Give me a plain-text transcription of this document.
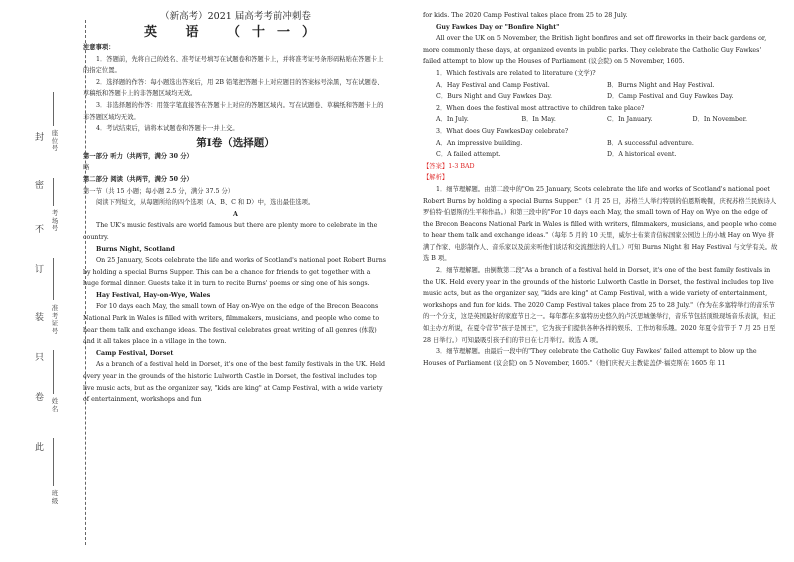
封
密
不
订
装
只
卷
此
座位号
考场号
准考证号
姓名
班级
（新高考）2021 届高考考前冲刺卷
英 语 （十一）

注意事项：

1．答题前，先将自己的姓名、准考证号填写在试题卷和答题卡上，并将准考证号条形码粘贴在答题卡上的指定位置。

2．选择题的作答：每小题选出答案后，用 2B 铅笔把答题卡上对应题目的答案标号涂黑，写在试题卷、草稿纸和答题卡上的非答题区域均无效。

3．非选择题的作答：用签字笔直接答在答题卡上对应的答题区域内。写在试题卷、草稿纸和答题卡上的非答题区域均无效。

4．考试结束后，请将本试题卷和答题卡一并上交。

第Ⅰ卷（选择题）

第一部分 听力（共两节，满分 30 分）

略

第二部分 阅读（共两节，满分 50 分）

第一节（共 15 小题；每小题 2.5 分，满分 37.5 分）

阅读下列短文，从每题所给的四个选项（A、B、C 和 D）中，选出最佳选项。

A

The UK's music festivals are world famous but there are plenty more to celebrate in the country.

Burns Night, Scotland

On 25 January, Scots celebrate the life and works of Scotland's national poet Robert Burns by holding a special Burns Supper. This can be a chance for friends to get together with a huge formal dinner. Guests take it in turn to recite Burns' poems or sing one of his songs.

Hay Festival, Hay-on-Wye, Wales

For 10 days each May, the small town of Hay on-Wye on the edge of the Brecon Beacons National Park in Wales is filled with writers, filmmakers, musicians, and people who come to hear them talk and exchange ideas. The festival celebrates great writing of all genres (体裁) and it all takes place in a village in the town.

Camp Festival, Dorset

As a branch of a festival held in Dorset, it's one of the best family festivals in the UK. Held every year in the grounds of the historic Lulworth Castle in Dorset, the festival includes top live music acts, but as the organizer say, "kids are king" at Camp Festival, with a wide variety of entertainment, workshops and fun

for kids. The 2020 Camp Festival takes place from 25 to 28 July.

Guy Fawkes Day or "Bonfire Night"

All over the UK on 5 November, the British light bonfires and set off fireworks in their back gardens or, more commonly these days, at organized events in public parks. They celebrate the Catholic Guy Fawkes' failed attempt to blow up the Houses of Parliament (议会院) on 5 November, 1605.

1．Which festivals are related to literature (文学)?

A．Hay Festival and Camp Festival.	B．Burns Night and Hay Festival.
C．Burs Night and Guy Fawkes Day.	D．Camp Festival and Guy Fawkes Day.

2．When does the festival most attractive to children take place?

A．In July.	B．In May.	C．In January.	D．In November.

3．What does Guy FawkesDay celebrate?

A．An impressive building.	B．A successful adventure.
C．A failed attempt.	D．A historical event.

【答案】1-3 BAD

【解析】

1．细节理解题。由第二段中的"On 25 January, Scots celebrate the life and works of Scotland's national poet Robert Burns by holding a special Burns Supper."（1 月 25 日，苏格兰人举行特别的伯恩斯晚餐，庆祝苏格兰民族诗人罗伯特·伯恩斯的生平和作品。）和第三段中的"For 10 days each May, the small town of Hay on Wye on the edge of the Brecon Beacons National Park in Wales is filled with writers, filmmakers, musicians, and people who come to hear them talk and exchange ideas."（每年 5 月的 10 天里，威尔士布莱肯信标国家公园边上的小城 Hay on Wye 挤满了作家、电影制作人、音乐家以及前来听他们谈话和交流想法的人们。）可知 Burns Night 和 Hay Festival 与文学有关。故选 B 项。

2．细节理解题。由倒数第二段"As a branch of a festival held in Dorset, it's one of the best family festivals in the UK. Held every year in the grounds of the historic Lulworth Castle in Dorset, the festival includes top live music acts, but as the organizer say, "kids are king" at Camp Festival, with a wide variety of entertainment, workshops and fun for kids. The 2020 Camp Festival takes place from 25 to 28 July."（作为在多塞特举行的音乐节的一个分支，这是英国最好的家庭节日之一。每年都在多塞特历史悠久的卢沃思城堡举行，音乐节包括顶级现场音乐表演，但正如主办方所说，在夏令营节"孩子是国王"，它为孩子们提供各种各样的娱乐、工作坊和乐趣。2020 年夏令营节于 7 月 25 日至 28 日举行。）可知最吸引孩子们的节日在七月举行。故选 A 项。

3．细节理解题。由最后一段中的"They celebrate the Catholic Guy Fawkes' failed attempt to blow up the Houses of Parliament (议会院) on 5 November, 1605."（他们庆祝天主教徒盖伊·福克斯在 1605 年 11
